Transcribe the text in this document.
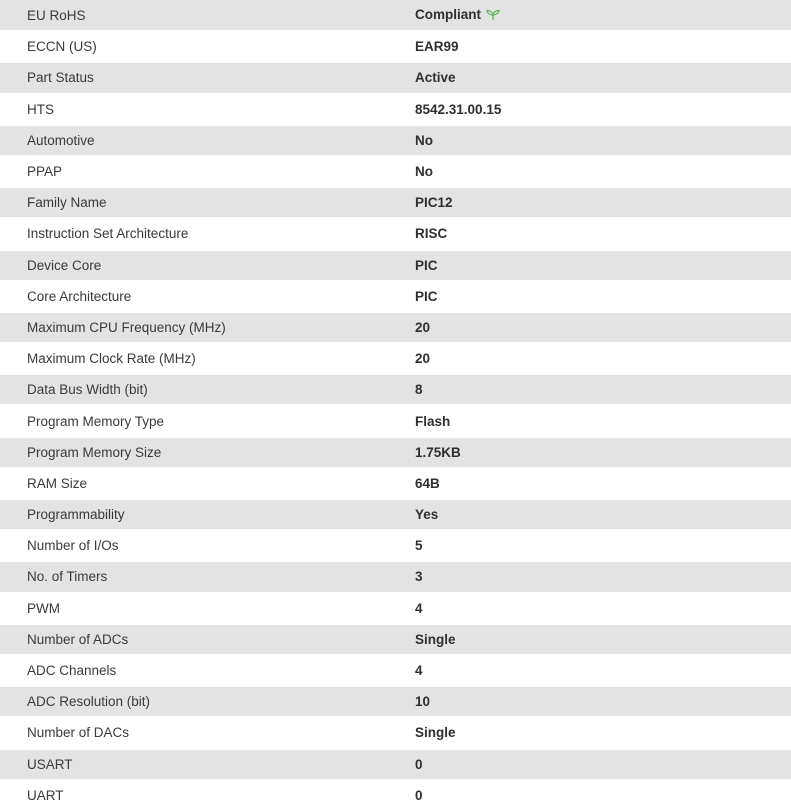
EU RoHS	Compliant
ECCN (US)	EAR99
Part Status	Active
HTS	8542.31.00.15
Automotive	No
PPAP	No
Family Name	PIC12
Instruction Set Architecture	RISC
Device Core	PIC
Core Architecture	PIC
Maximum CPU Frequency (MHz)	20
Maximum Clock Rate (MHz)	20
Data Bus Width (bit)	8
Program Memory Type	Flash
Program Memory Size	1.75KB
RAM Size	64B
Programmability	Yes
Number of I/Os	5
No. of Timers	3
PWM	4
Number of ADCs	Single
ADC Channels	4
ADC Resolution (bit)	10
Number of DACs	Single
USART	0
UART	0
